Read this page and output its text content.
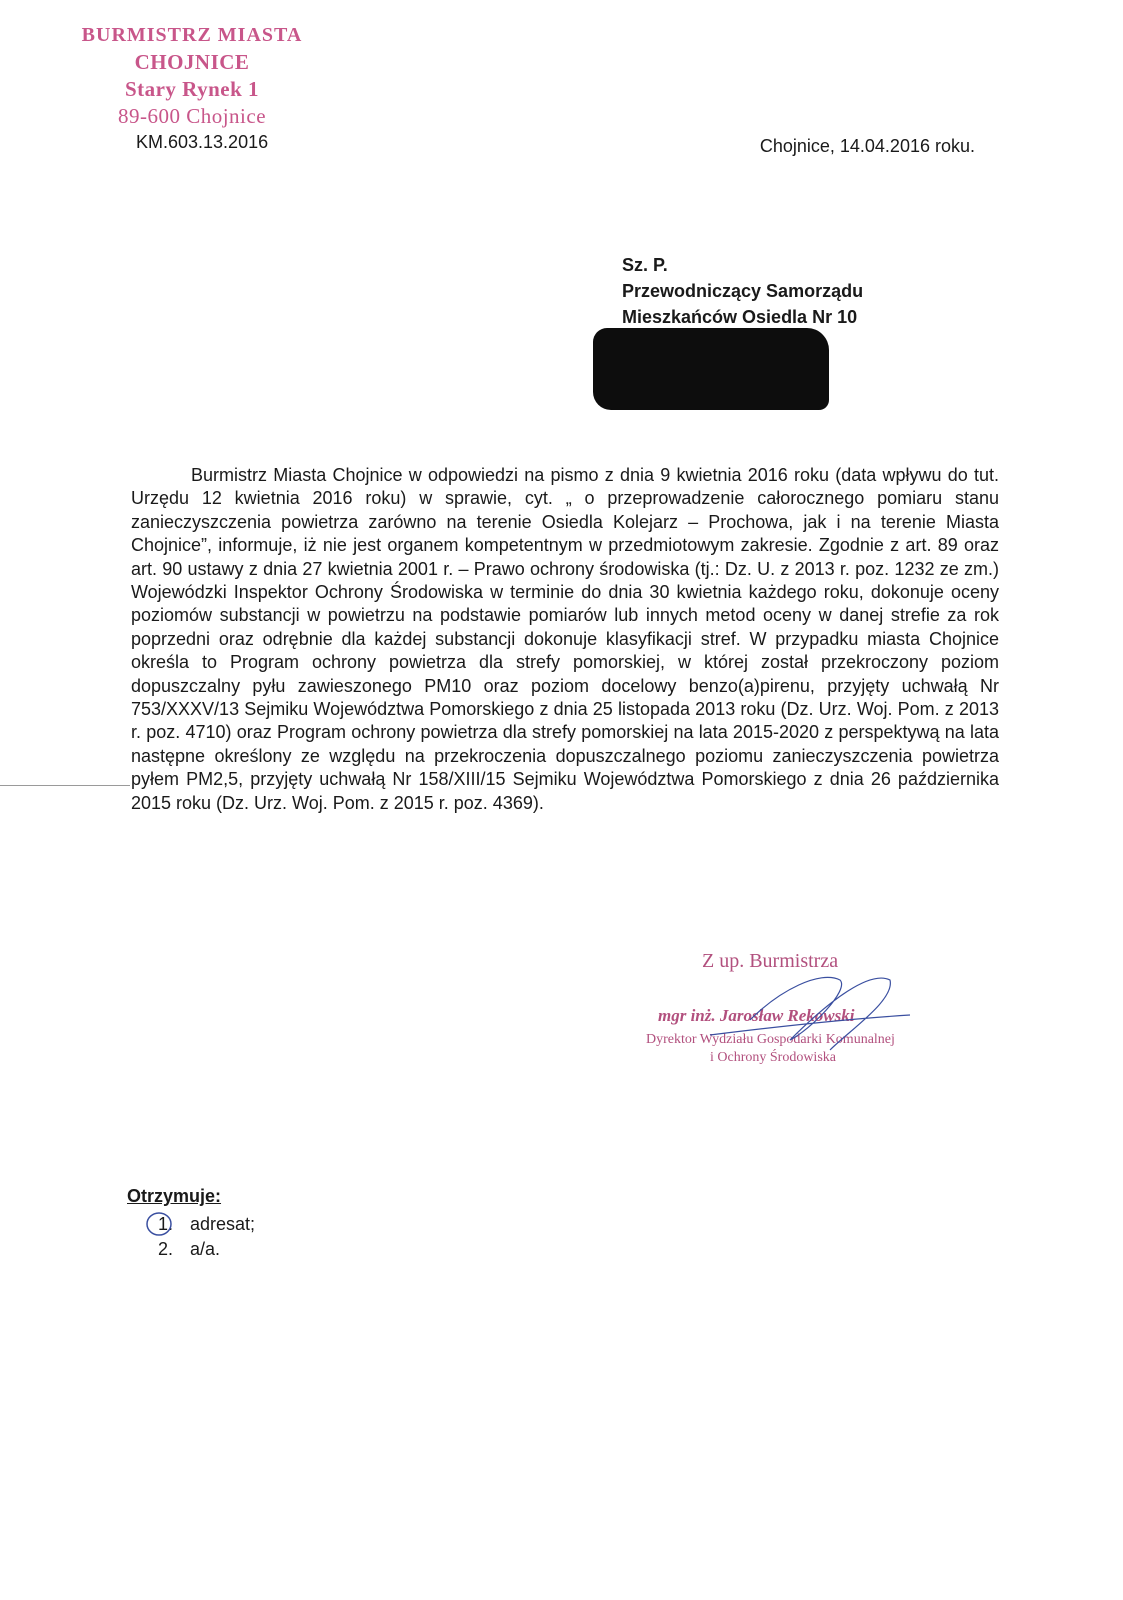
BURMISTRZ MIASTA
CHOJNICE
Stary Rynek 1
89-600 Chojnice
KM.603.13.2016	Chojnice, 14.04.2016 roku.
Sz. P.
Przewodniczący Samorządu
Mieszkańców Osiedla Nr 10

Burmistrz Miasta Chojnice w odpowiedzi na pismo z dnia 9 kwietnia 2016 roku (data wpływu do tut. Urzędu 12 kwietnia 2016 roku) w sprawie, cyt. „ o przeprowadzenie całorocznego pomiaru stanu zanieczyszczenia powietrza zarówno na terenie Osiedla Kolejarz – Prochowa, jak i na terenie Miasta Chojnice”, informuje, iż nie jest organem kompetentnym w przedmiotowym zakresie. Zgodnie z art. 89 oraz art. 90 ustawy z dnia 27 kwietnia 2001 r. – Prawo ochrony środowiska (tj.: Dz. U. z 2013 r. poz. 1232 ze zm.) Wojewódzki Inspektor Ochrony Środowiska w terminie do dnia 30 kwietnia każdego roku, dokonuje oceny poziomów substancji w powietrzu na podstawie pomiarów lub innych metod oceny w danej strefie za rok poprzedni oraz odrębnie dla każdej substancji dokonuje klasyfikacji stref. W przypadku miasta Chojnice określa to Program ochrony powietrza dla strefy pomorskiej, w której został przekroczony poziom dopuszczalny pyłu zawieszonego PM10 oraz poziom docelowy benzo(a)pirenu, przyjęty uchwałą Nr 753/XXXV/13 Sejmiku Województwa Pomorskiego z dnia 25 listopada 2013 roku (Dz. Urz. Woj. Pom. z 2013 r. poz. 4710) oraz Program ochrony powietrza dla strefy pomorskiej na lata 2015-2020 z perspektywą na lata następne określony ze względu na przekroczenia dopuszczalnego poziomu zanieczyszczenia powietrza pyłem PM2,5, przyjęty uchwałą Nr 158/XIII/15 Sejmiku Województwa Pomorskiego z dnia 26 października 2015 roku (Dz. Urz. Woj. Pom. z 2015 r. poz. 4369).

Z up. Burmistrza
mgr inż. Jarosław Rekowski
Dyrektor Wydziału Gospodarki Komunalnej
i Ochrony Środowiska
Otrzymuje:
1. adresat;
2. a/a.
